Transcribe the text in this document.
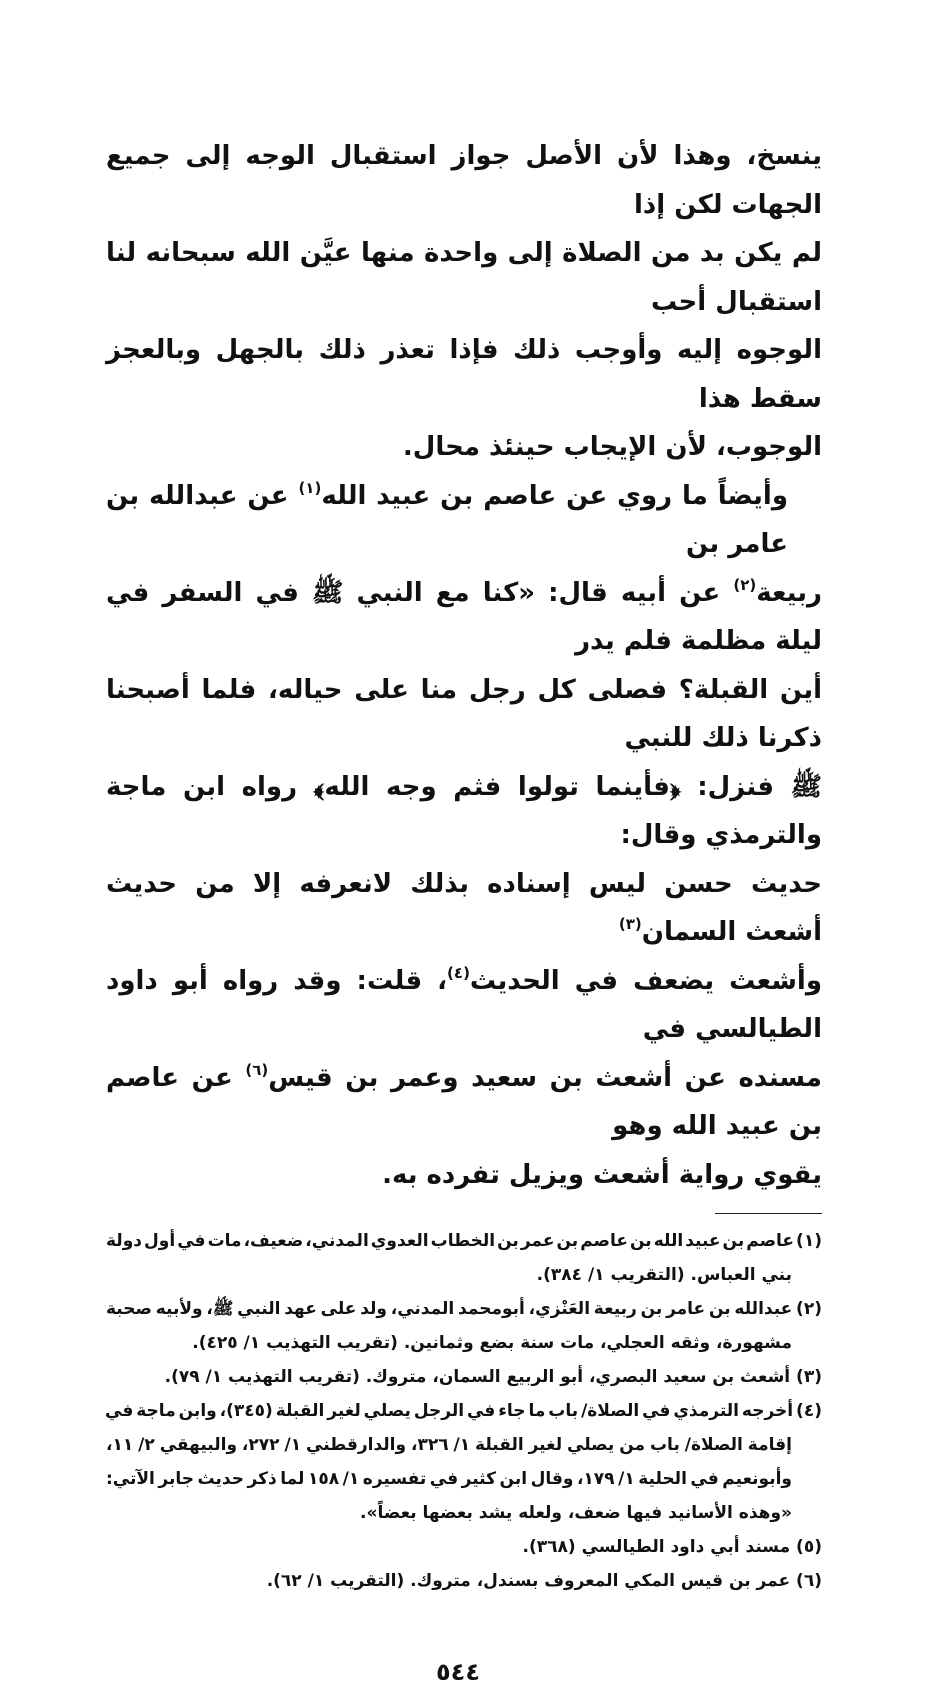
ينسخ، وهذا لأن الأصل جواز استقبال الوجه إلى جميع الجهات لكن إذا
لم يكن بد من الصلاة إلى واحدة منها عيَّن الله سبحانه لنا استقبال أحب
الوجوه إليه وأوجب ذلك فإذا تعذر ذلك بالجهل وبالعجز سقط هذا
الوجوب، لأن الإيجاب حينئذ محال.
وأيضاً ما روي عن عاصم بن عبيد الله$^{(١)}$ عن عبدالله بن عامر بن
ربيعة$^{(٢)}$ عن أبيه قال: «كنا مع النبي ﷺ في السفر في ليلة مظلمة فلم يدر
أين القبلة؟ فصلى كل رجل منا على حياله، فلما أصبحنا ذكرنا ذلك للنبي
ﷺ فنزل: ﴿فأينما تولوا فثم وجه الله﴾ رواه ابن ماجة والترمذي وقال:
حديث حسن ليس إسناده بذلك لانعرفه إلا من حديث أشعث السمان$^{(٣)}$
وأشعث يضعف في الحديث$^{(٤)}$، قلت: وقد رواه أبو داود الطيالسي في
مسنده عن أشعث بن سعيد وعمر بن قيس$^{(٦)}$ عن عاصم بن عبيد الله وهو
يقوي رواية أشعث ويزيل تفرده به.
(١) عاصم بن عبيد الله بن عاصم بن عمر بن الخطاب العدوي المدني، ضعيف، مات في أول دولة
بني العباس. (التقريب ١/ ٣٨٤).
(٢) عبدالله بن عامر بن ربيعة العَنْزي، أبومحمد المدني، ولد على عهد النبي ﷺ، ولأبيه صحبة
مشهورة، وثقه العجلي، مات سنة بضع وثمانين. (تقريب التهذيب ١/ ٤٢٥).
(٣) أشعث بن سعيد البصري، أبو الربيع السمان، متروك. (تقريب التهذيب ١/ ٧٩).
(٤) أخرجه الترمذي في الصلاة/ باب ما جاء في الرجل يصلي لغير القبلة (٣٤٥)، وابن ماجة في
إقامة الصلاة/ باب من يصلي لغير القبلة ١/ ٣٢٦، والدارقطني ١/ ٢٧٢، والبيهقي ٢/ ١١،
وأبونعيم في الحلية ١/ ١٧٩، وقال ابن كثير في تفسيره ١/ ١٥٨ لما ذكر حديث جابر الآتي:
«وهذه الأسانيد فيها ضعف، ولعله يشد بعضها بعضاً».
(٥) مسند أبي داود الطيالسي (٣٦٨).
(٦) عمر بن قيس المكي المعروف بسندل، متروك. (التقريب ١/ ٦٢).
٥٤٤
